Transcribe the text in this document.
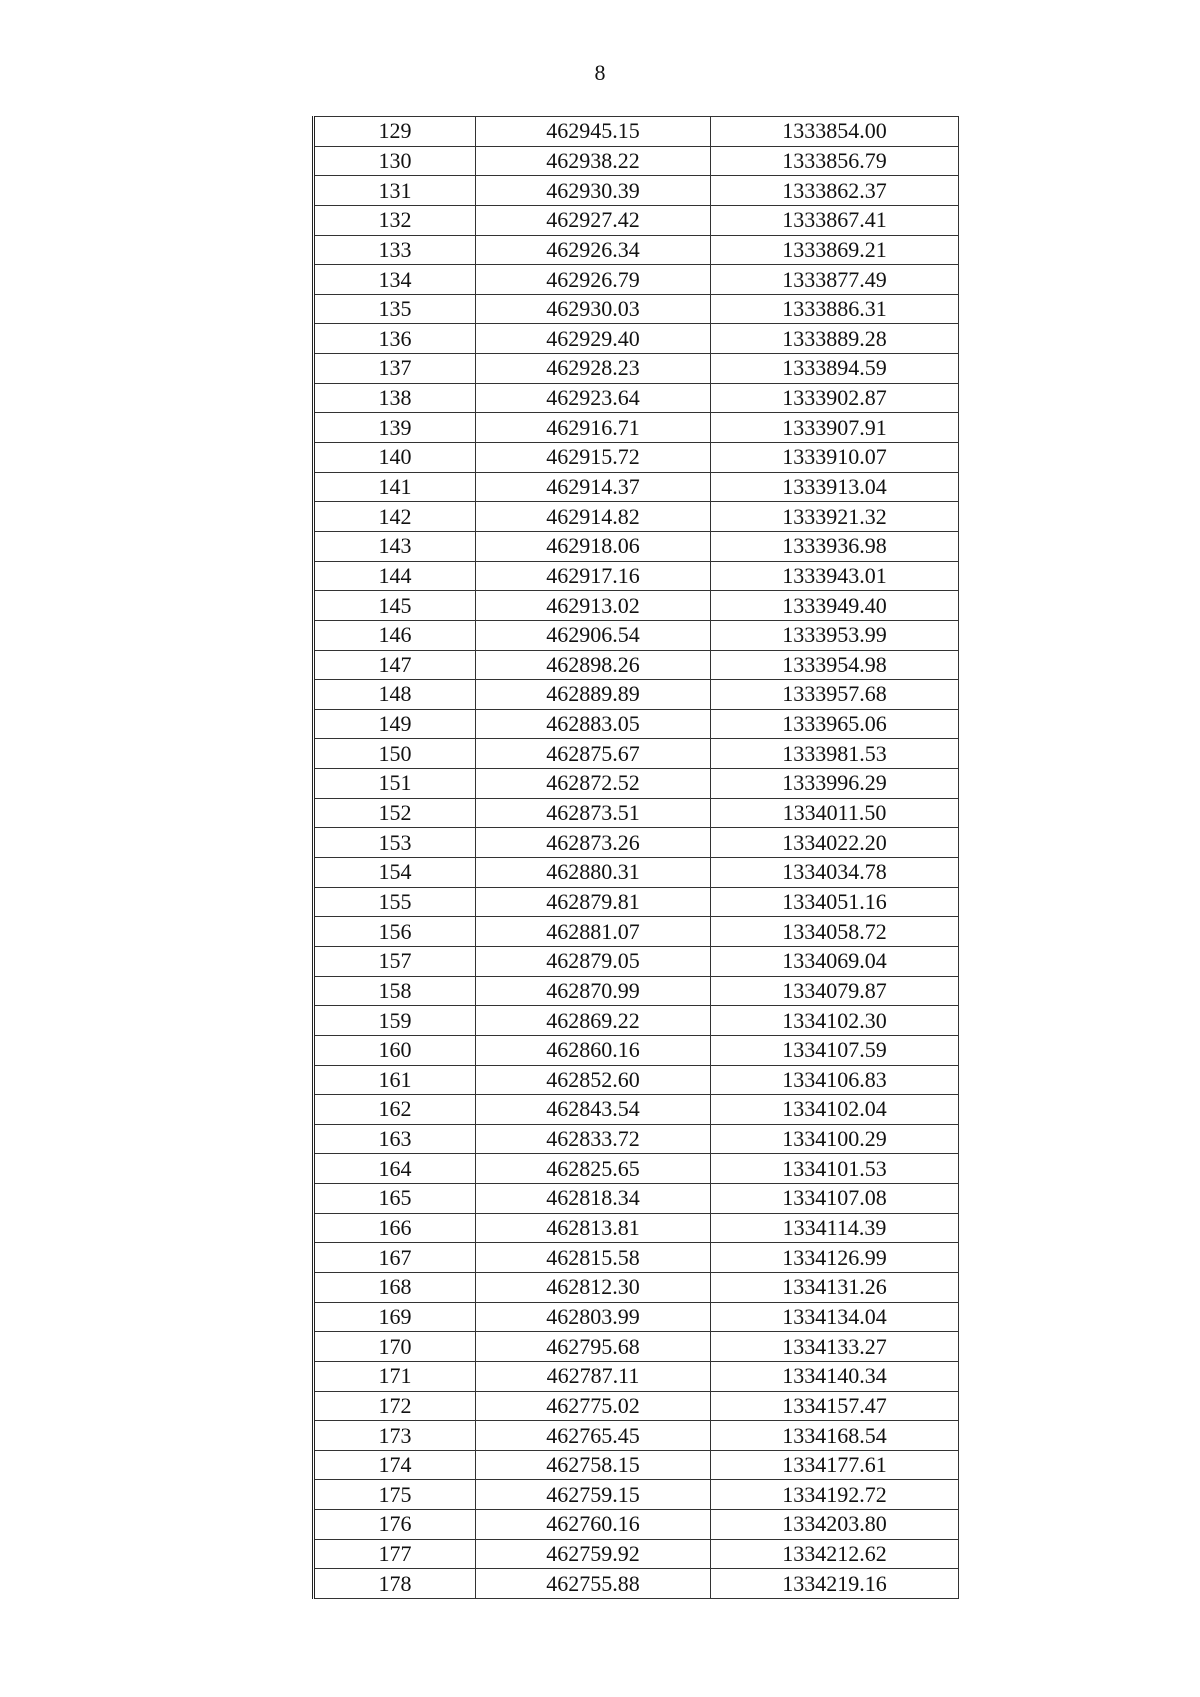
8
129	462945.15	1333854.00
130	462938.22	1333856.79
131	462930.39	1333862.37
132	462927.42	1333867.41
133	462926.34	1333869.21
134	462926.79	1333877.49
135	462930.03	1333886.31
136	462929.40	1333889.28
137	462928.23	1333894.59
138	462923.64	1333902.87
139	462916.71	1333907.91
140	462915.72	1333910.07
141	462914.37	1333913.04
142	462914.82	1333921.32
143	462918.06	1333936.98
144	462917.16	1333943.01
145	462913.02	1333949.40
146	462906.54	1333953.99
147	462898.26	1333954.98
148	462889.89	1333957.68
149	462883.05	1333965.06
150	462875.67	1333981.53
151	462872.52	1333996.29
152	462873.51	1334011.50
153	462873.26	1334022.20
154	462880.31	1334034.78
155	462879.81	1334051.16
156	462881.07	1334058.72
157	462879.05	1334069.04
158	462870.99	1334079.87
159	462869.22	1334102.30
160	462860.16	1334107.59
161	462852.60	1334106.83
162	462843.54	1334102.04
163	462833.72	1334100.29
164	462825.65	1334101.53
165	462818.34	1334107.08
166	462813.81	1334114.39
167	462815.58	1334126.99
168	462812.30	1334131.26
169	462803.99	1334134.04
170	462795.68	1334133.27
171	462787.11	1334140.34
172	462775.02	1334157.47
173	462765.45	1334168.54
174	462758.15	1334177.61
175	462759.15	1334192.72
176	462760.16	1334203.80
177	462759.92	1334212.62
178	462755.88	1334219.16
